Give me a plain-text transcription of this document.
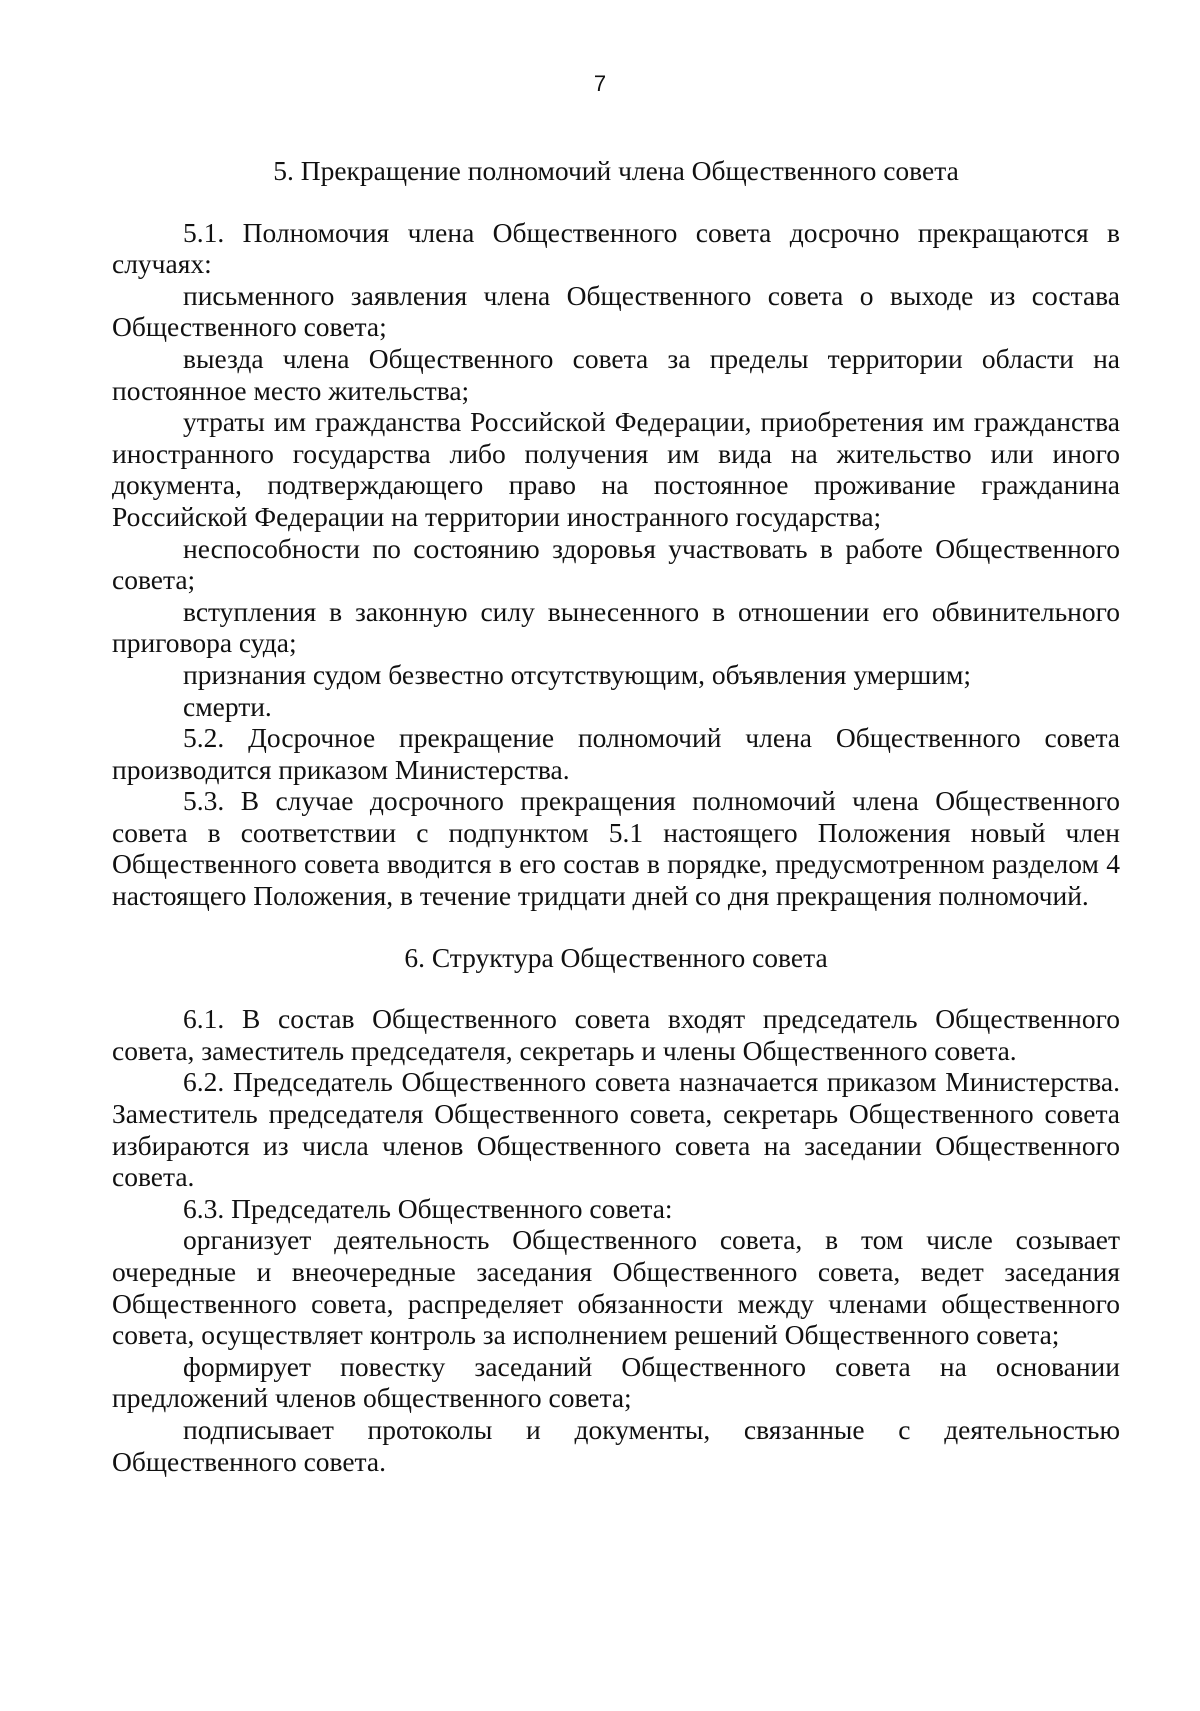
7

5. Прекращение полномочий члена Общественного совета

5.1. Полномочия члена Общественного совета досрочно прекращаются в случаях:

письменного заявления члена Общественного совета о выходе из состава Общественного совета;

выезда члена Общественного совета за пределы территории области на постоянное место жительства;

утраты им гражданства Российской Федерации, приобретения им гражданства иностранного государства либо получения им вида на жительство или иного документа, подтверждающего право на постоянное проживание гражданина Российской Федерации на территории иностранного государства;

неспособности по состоянию здоровья участвовать в работе Общественного совета;

вступления в законную силу вынесенного в отношении его обвинительного приговора суда;

признания судом безвестно отсутствующим, объявления умершим;

смерти.

5.2. Досрочное прекращение полномочий члена Общественного совета производится приказом Министерства.

5.3. В случае досрочного прекращения полномочий члена Общественного совета в соответствии с подпунктом 5.1 настоящего Положения новый член Общественного совета вводится в его состав в порядке, предусмотренном разделом 4 настоящего Положения, в течение тридцати дней со дня прекращения полномочий.

6. Структура Общественного совета

6.1. В состав Общественного совета входят председатель Общественного совета, заместитель председателя, секретарь и члены Общественного совета.

6.2. Председатель Общественного совета назначается приказом Министерства. Заместитель председателя Общественного совета, секретарь Общественного совета избираются из числа членов Общественного совета на заседании Общественного совета.

6.3. Председатель Общественного совета:

организует деятельность Общественного совета, в том числе созывает очередные и внеочередные заседания Общественного совета, ведет заседания Общественного совета, распределяет обязанности между членами общественного совета, осуществляет контроль за исполнением решений Общественного совета;

формирует повестку заседаний Общественного совета на основании предложений членов общественного совета;

подписывает протоколы и документы, связанные с деятельностью Общественного совета.
